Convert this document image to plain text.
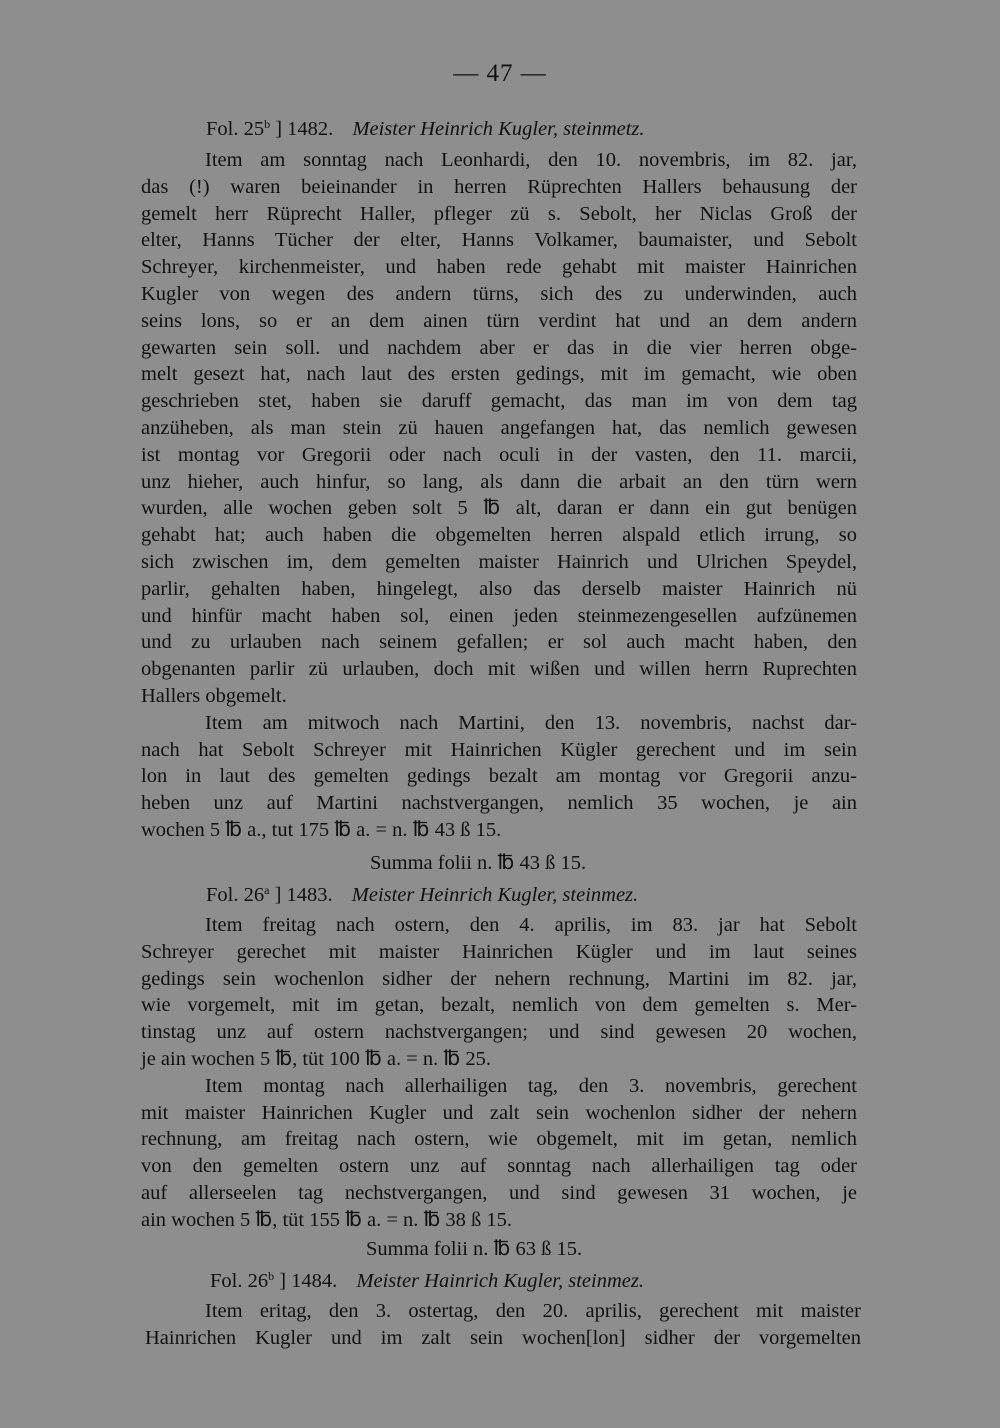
— 47 —
Fol. 25$^b$ ] 1482. Meister Heinrich Kugler, steinmetz.

Item am sonntag nach Leonhardi, den 10. novembris, im 82. jar,

das (!) waren beieinander in herren Rüprechten Hallers behausung der

gemelt herr Rüprecht Haller, pfleger zü s. Sebolt, her Niclas Groß der

elter, Hanns Tücher der elter, Hanns Volkamer, baumaister, und Sebolt

Schreyer, kirchenmeister, und haben rede gehabt mit maister Hainrichen

Kugler von wegen des andern türns, sich des zu underwinden, auch

seins lons, so er an dem ainen türn verdint hat und an dem andern

gewarten sein soll. und nachdem aber er das in die vier herren obge-

melt gesezt hat, nach laut des ersten gedings, mit im gemacht, wie oben

geschrieben stet, haben sie daruff gemacht, das man im von dem tag

anzüheben, als man stein zü hauen angefangen hat, das nemlich gewesen

ist montag vor Gregorii oder nach oculi in der vasten, den 11. marcii,

unz hieher, auch hinfur, so lang, als dann die arbait an den türn wern

wurden, alle wochen geben solt 5 ℔ alt, daran er dann ein gut benügen

gehabt hat; auch haben die obgemelten herren alspald etlich irrung, so

sich zwischen im, dem gemelten maister Hainrich und Ulrichen Speydel,

parlir, gehalten haben, hingelegt, also das derselb maister Hainrich nü

und hinfür macht haben sol, einen jeden steinmezengesellen aufzünemen

und zu urlauben nach seinem gefallen; er sol auch macht haben, den

obgenanten parlir zü urlauben, doch mit wißen und willen herrn Ruprechten

Hallers obgemelt.

Item am mitwoch nach Martini, den 13. novembris, nachst dar-

nach hat Sebolt Schreyer mit Hainrichen Kügler gerechent und im sein

lon in laut des gemelten gedings bezalt am montag vor Gregorii anzu-

heben unz auf Martini nachstvergangen, nemlich 35 wochen, je ain

wochen 5 ℔ a., tut 175 ℔ a. = n. ℔ 43 ß 15.

Summa folii n. ℔ 43 ß 15.
Fol. 26$^a$ ] 1483. Meister Heinrich Kugler, steinmez.

Item freitag nach ostern, den 4. aprilis, im 83. jar hat Sebolt

Schreyer gerechet mit maister Hainrichen Kügler und im laut seines

gedings sein wochenlon sidher der nehern rechnung, Martini im 82. jar,

wie vorgemelt, mit im getan, bezalt, nemlich von dem gemelten s. Mer-

tinstag unz auf ostern nachstvergangen; und sind gewesen 20 wochen,

je ain wochen 5 ℔, tüt 100 ℔ a. = n. ℔ 25.

Item montag nach allerhailigen tag, den 3. novembris, gerechent

mit maister Hainrichen Kugler und zalt sein wochenlon sidher der nehern

rechnung, am freitag nach ostern, wie obgemelt, mit im getan, nemlich

von den gemelten ostern unz auf sonntag nach allerhailigen tag oder

auf allerseelen tag nechstvergangen, und sind gewesen 31 wochen, je

ain wochen 5 ℔, tüt 155 ℔ a. = n. ℔ 38 ß 15.

Summa folii n. ℔ 63 ß 15.
Fol. 26$^b$ ] 1484. Meister Hainrich Kugler, steinmez.

Item eritag, den 3. ostertag, den 20. aprilis, gerechent mit maister

Hainrichen Kugler und im zalt sein wochen[lon] sidher der vorgemelten
